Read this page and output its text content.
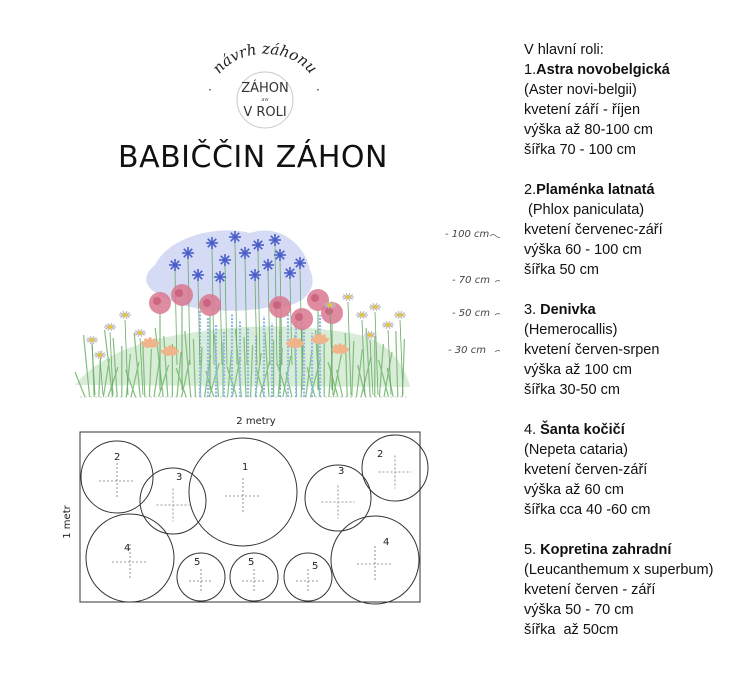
·	·
návrh záhonu
ZÁHON
aw
V ROLI
BABIČČIN ZÁHON
- 100 cm
- 70 cm
- 50 cm
- 30 cm
2 metry
1 metr
2
3
1	3
2
4
5	5	5
4
V hlavní roli:
1.Astra novobelgická
(Aster novi-belgii)
kvetení září - říjen
výška až 80-100 cm
šířka 70 - 100 cm
2.Plaménka latnatá
(Phlox paniculata)
kvetení červenec-září
výška 60 - 100 cm
šířka 50 cm
3. Denivka
(Hemerocallis)
kvetení červen-srpen
výška až 100 cm
šířka 30-50 cm
4. Šanta kočičí
(Nepeta cataria)
kvetení červen-září
výška až 60 cm
šířka cca 40 -60 cm
5. Kopretina zahradní
(Leucanthemum x superbum)
kvetení červen - září
výška 50 - 70 cm
šířka  až 50cm
